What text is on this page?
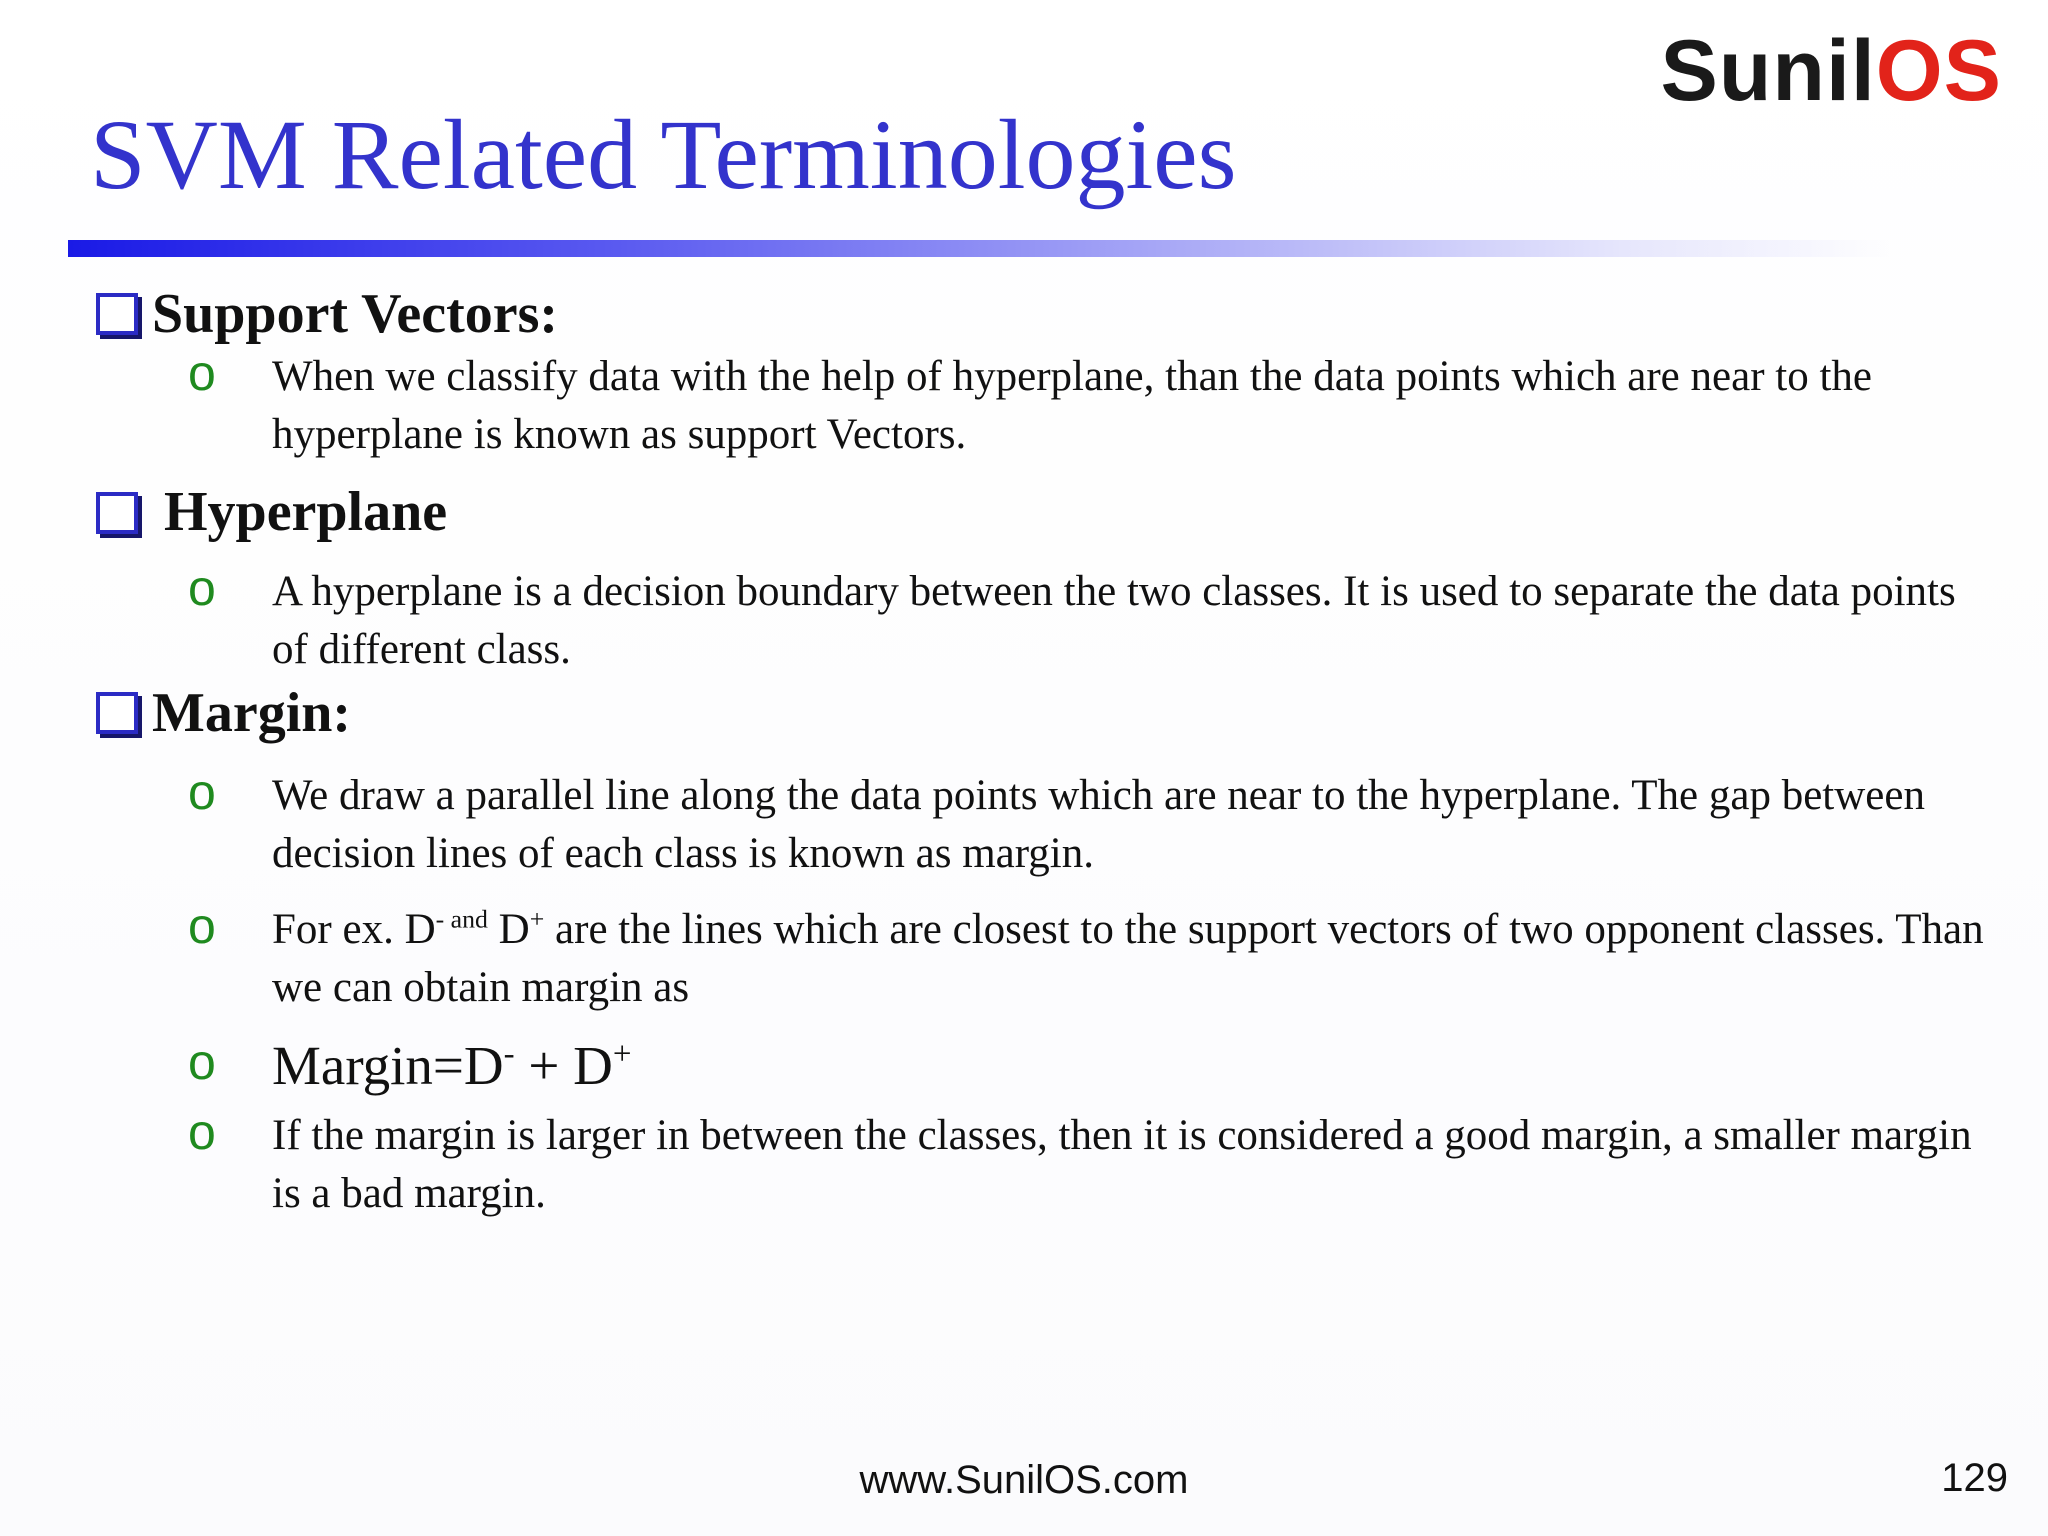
SunilOS
SVM Related Terminologies
Support Vectors:
o When we classify data with the help of hyperplane, than the data points which are near to the hyperplane is known as support Vectors.
Hyperplane
o A hyperplane is a decision boundary between the two classes. It is used to separate the data points of different class.
Margin:
o We draw a parallel line along the data points which are near to the hyperplane. The gap between decision lines of each class is known as margin.
o For ex. D- $^{and}$ D+ are the lines which are closest to the support vectors of two opponent classes. Than we can obtain margin as
o Margin=D- + D+
o If the margin is larger in between the classes, then it is considered a good margin, a smaller margin is a bad margin.
www.SunilOS.com	129
